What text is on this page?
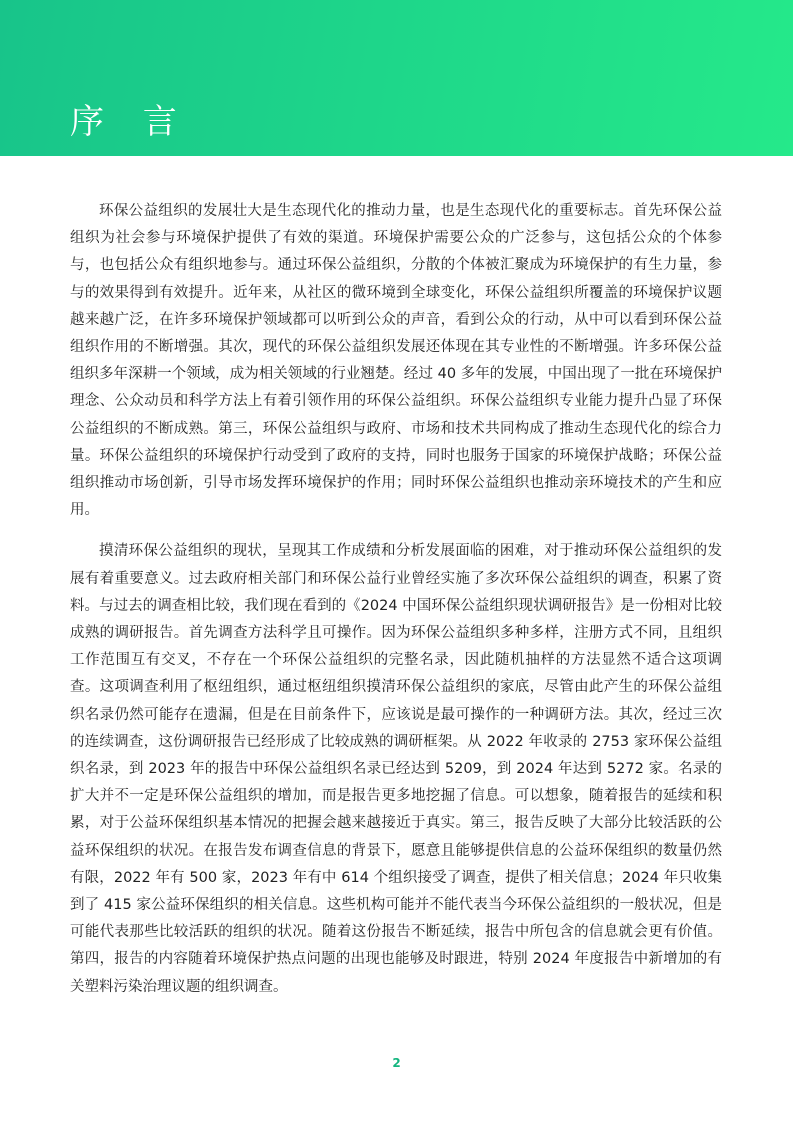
序 言

环保公益组织的发展壮大是生态现代化的推动力量，也是生态现代化的重要标志。首先环保公益组织为社会参与环境保护提供了有效的渠道。环境保护需要公众的广泛参与，这包括公众的个体参与，也包括公众有组织地参与。通过环保公益组织，分散的个体被汇聚成为环境保护的有生力量，参与的效果得到有效提升。近年来，从社区的微环境到全球变化，环保公益组织所覆盖的环境保护议题越来越广泛，在许多环境保护领域都可以听到公众的声音，看到公众的行动，从中可以看到环保公益组织作用的不断增强。其次，现代的环保公益组织发展还体现在其专业性的不断增强。许多环保公益组织多年深耕一个领域，成为相关领域的行业翘楚。经过 40 多年的发展，中国出现了一批在环境保护理念、公众动员和科学方法上有着引领作用的环保公益组织。环保公益组织专业能力提升凸显了环保公益组织的不断成熟。第三，环保公益组织与政府、市场和技术共同构成了推动生态现代化的综合力量。环保公益组织的环境保护行动受到了政府的支持，同时也服务于国家的环境保护战略；环保公益组织推动市场创新，引导市场发挥环境保护的作用；同时环保公益组织也推动亲环境技术的产生和应用。

摸清环保公益组织的现状，呈现其工作成绩和分析发展面临的困难，对于推动环保公益组织的发展有着重要意义。过去政府相关部门和环保公益行业曾经实施了多次环保公益组织的调查，积累了资料。与过去的调查相比较，我们现在看到的《2024 中国环保公益组织现状调研报告》是一份相对比较成熟的调研报告。首先调查方法科学且可操作。因为环保公益组织多种多样，注册方式不同，且组织工作范围互有交叉，不存在一个环保公益组织的完整名录，因此随机抽样的方法显然不适合这项调查。这项调查利用了枢纽组织，通过枢纽组织摸清环保公益组织的家底，尽管由此产生的环保公益组织名录仍然可能存在遗漏，但是在目前条件下，应该说是最可操作的一种调研方法。其次，经过三次的连续调查，这份调研报告已经形成了比较成熟的调研框架。从 2022 年收录的 2753 家环保公益组织名录，到 2023 年的报告中环保公益组织名录已经达到 5209，到 2024 年达到 5272 家。名录的扩大并不一定是环保公益组织的增加，而是报告更多地挖掘了信息。可以想象，随着报告的延续和积累，对于公益环保组织基本情况的把握会越来越接近于真实。第三，报告反映了大部分比较活跃的公益环保组织的状况。在报告发布调查信息的背景下，愿意且能够提供信息的公益环保组织的数量仍然有限，2022 年有 500 家，2023 年有中 614 个组织接受了调查，提供了相关信息；2024 年只收集到了 415 家公益环保组织的相关信息。这些机构可能并不能代表当今环保公益组织的一般状况，但是可能代表那些比较活跃的组织的状况。随着这份报告不断延续，报告中所包含的信息就会更有价值。第四，报告的内容随着环境保护热点问题的出现也能够及时跟进，特别 2024 年度报告中新增加的有关塑料污染治理议题的组织调查。

2
